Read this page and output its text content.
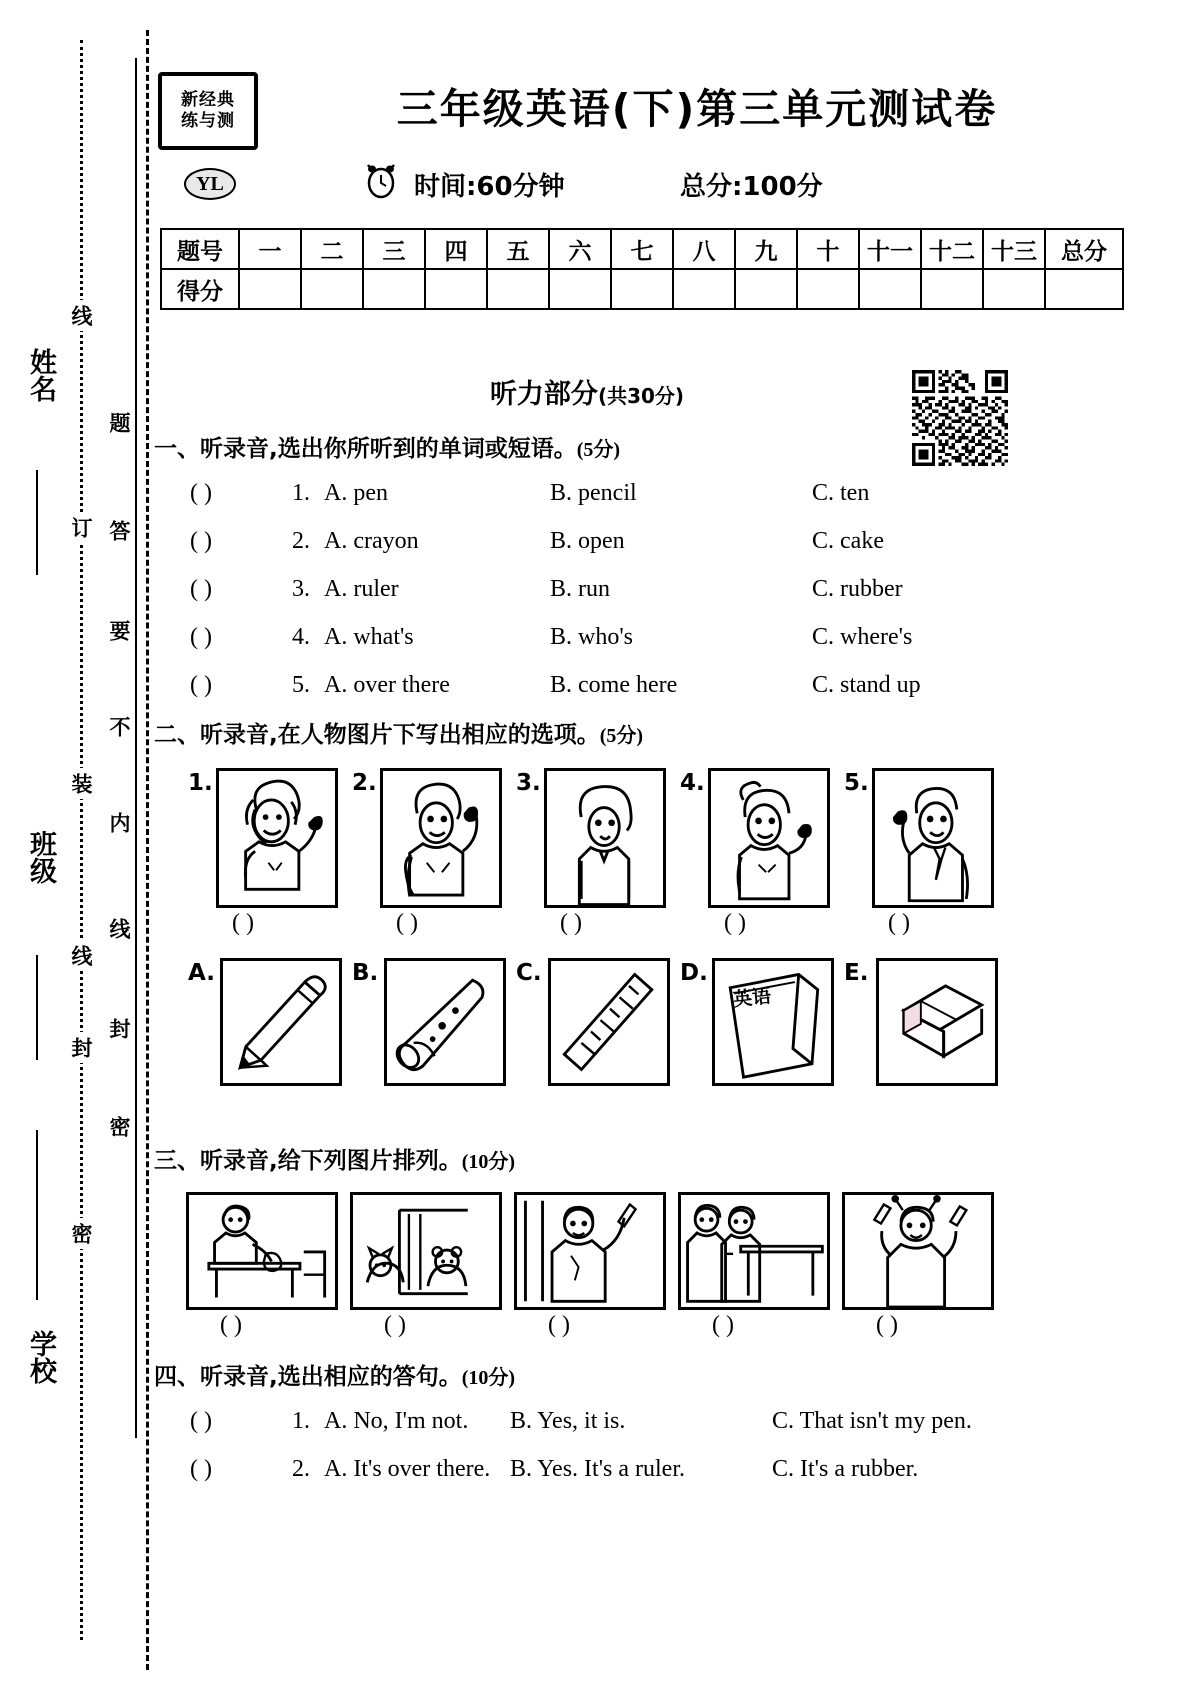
姓名
班级
学校
线
订
装
线
封
密
题
答
要
不
内
线
封
密
新经典
练与测	三年级英语(下)第三单元测试卷
YL	时间:60分钟	总分:100分
题号	一	二	三	四	五	六	七	八	九	十	十一	十二	十三	总分
得分														
听力部分(共30分)
一、听录音,选出你所听到的单词或短语。(5分)
( )	1. A. pen	B. pencil	C. ten
( )	2. A. crayon	B. open	C. cake
( )	3. A. ruler	B. run	C. rubber
( )	4. A. what's	B. who's	C. where's
( )	5. A. over there	B. come here	C. stand up
二、听录音,在人物图片下写出相应的选项。(5分)
1.
( )
2.
( )
3.
( )
4.
( )
5.
( )
A.	B.	C.	D.
英语
E.
三、听录音,给下列图片排列。(10分)
( )	( )	( )	( )	( )
四、听录音,选出相应的答句。(10分)
( )	1. A. No, I'm not. B. Yes, it is.	C. That isn't my pen.
( )	2. A. It's over there. B. Yes. It's a ruler.	C. It's a rubber.
